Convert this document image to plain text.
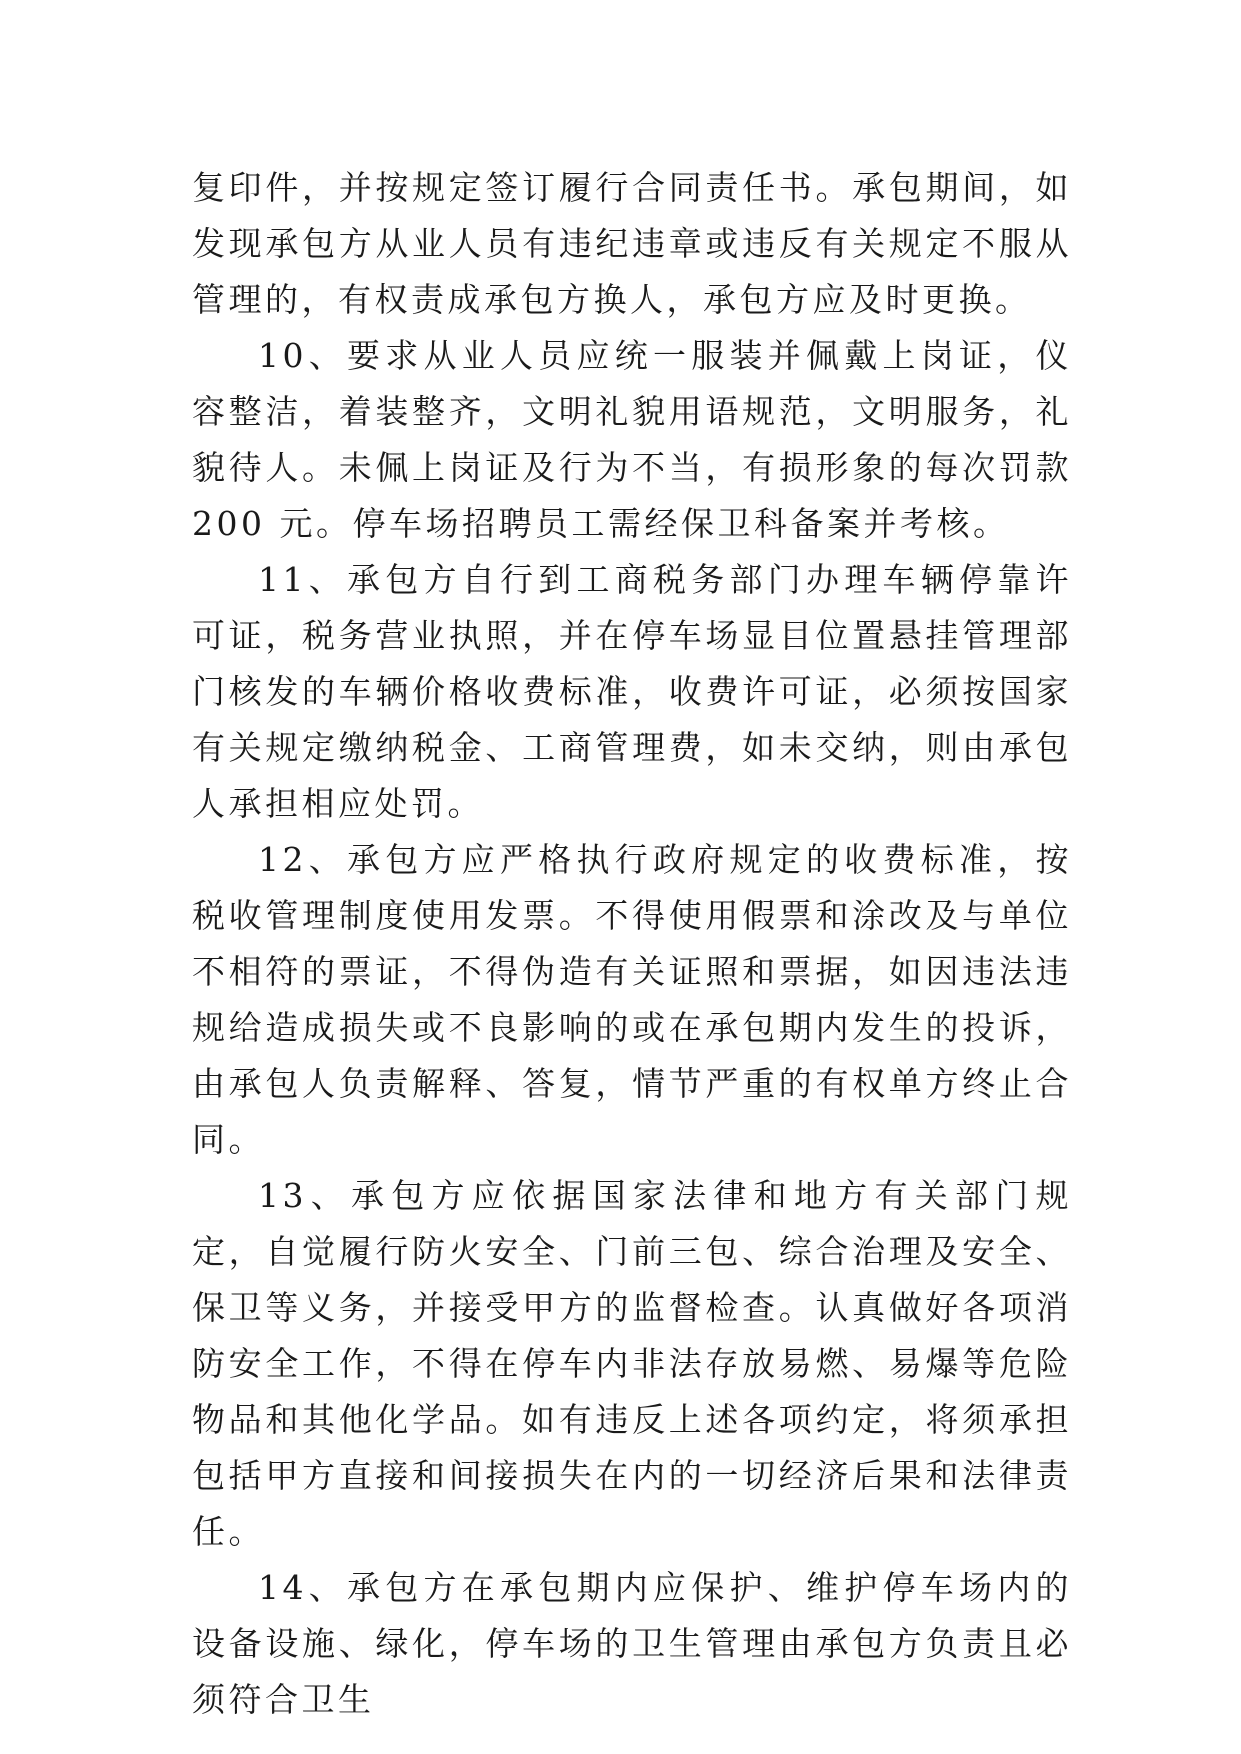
复印件，并按规定签订履行合同责任书。承包期间，如发现承包方从业人员有违纪违章或违反有关规定不服从管理的，有权责成承包方换人，承包方应及时更换。

10、要求从业人员应统一服装并佩戴上岗证，仪容整洁，着装整齐，文明礼貌用语规范，文明服务，礼貌待人。未佩上岗证及行为不当，有损形象的每次罚款 200 元。停车场招聘员工需经保卫科备案并考核。

11、承包方自行到工商税务部门办理车辆停靠许可证，税务营业执照，并在停车场显目位置悬挂管理部门核发的车辆价格收费标准，收费许可证，必须按国家有关规定缴纳税金、工商管理费，如未交纳，则由承包人承担相应处罚。

12、承包方应严格执行政府规定的收费标准，按税收管理制度使用发票。不得使用假票和涂改及与单位不相符的票证，不得伪造有关证照和票据，如因违法违规给造成损失或不良影响的或在承包期内发生的投诉，由承包人负责解释、答复，情节严重的有权单方终止合同。

13、承包方应依据国家法律和地方有关部门规定，自觉履行防火安全、门前三包、综合治理及安全、保卫等义务，并接受甲方的监督检查。认真做好各项消防安全工作，不得在停车内非法存放易燃、易爆等危险物品和其他化学品。如有违反上述各项约定，将须承担包括甲方直接和间接损失在内的一切经济后果和法律责任。

14、承包方在承包期内应保护、维护停车场内的设备设施、绿化，停车场的卫生管理由承包方负责且必须符合卫生
